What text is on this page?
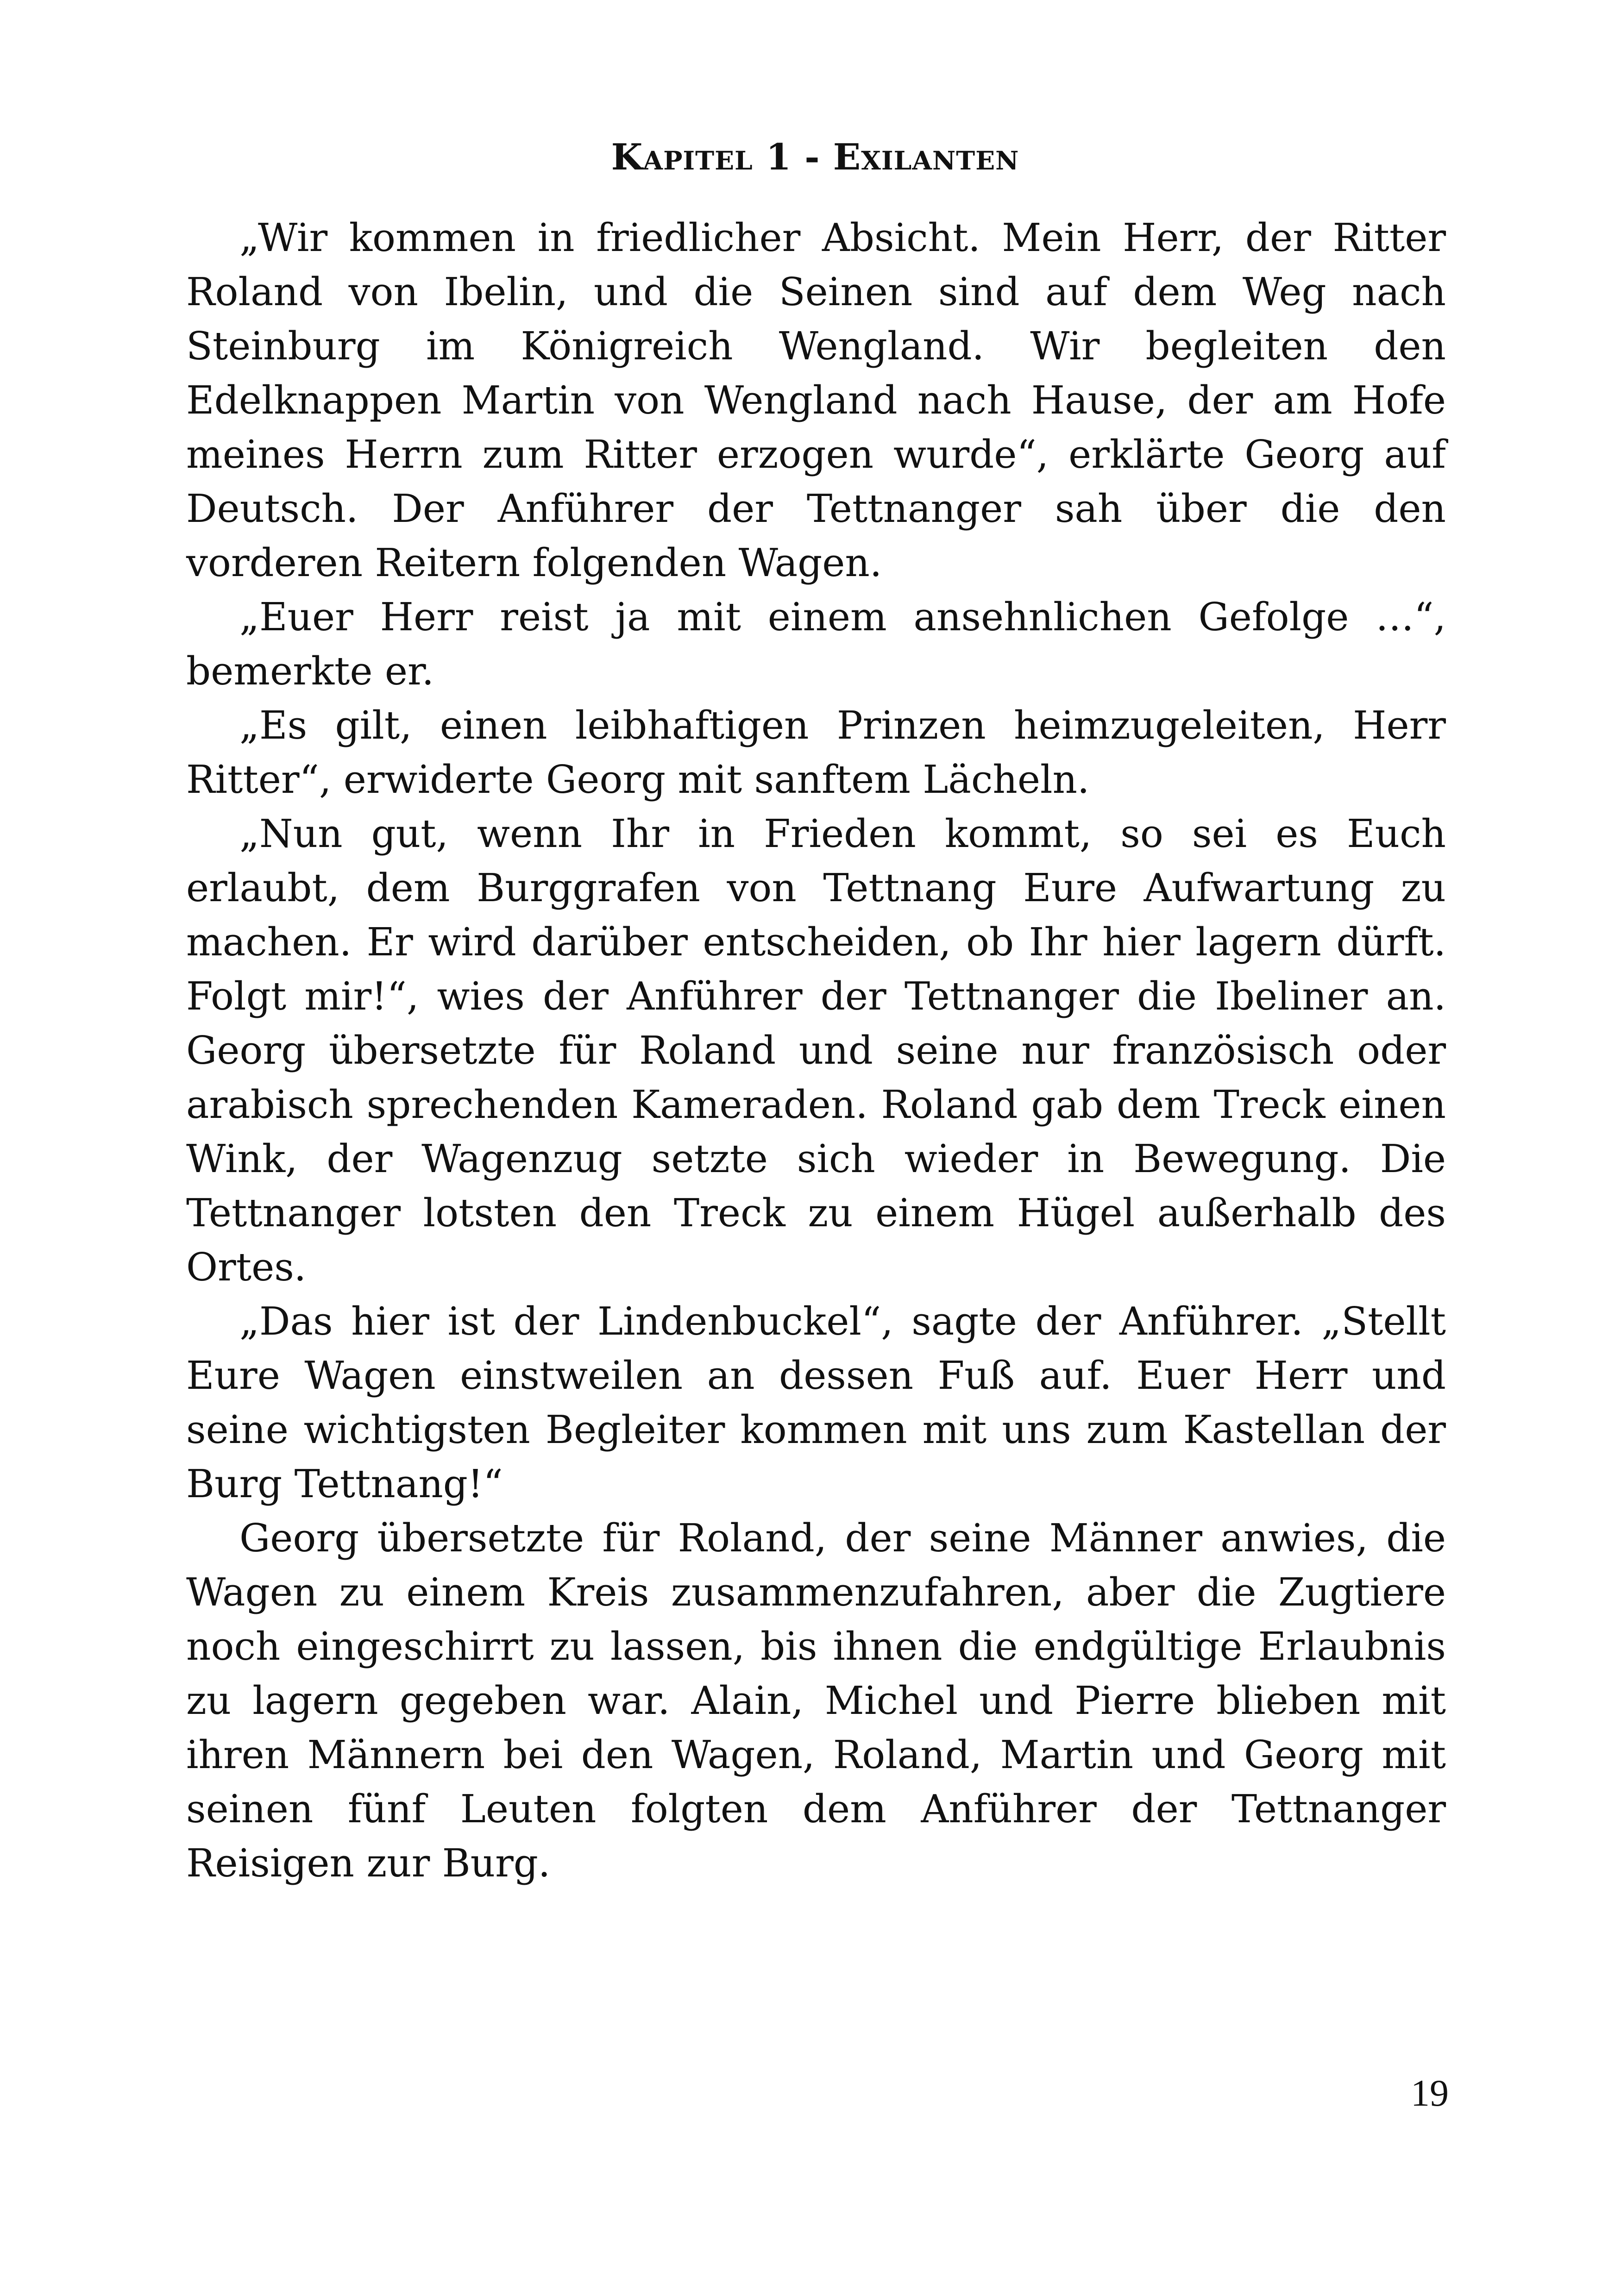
Kapitel 1 - Exilanten

„Wir kommen in friedlicher Absicht. Mein Herr, der Ritter Roland von Ibelin, und die Seinen sind auf dem Weg nach Steinburg im Königreich Wengland. Wir begleiten den Edelknappen Martin von Wengland nach Hause, der am Hofe meines Herrn zum Ritter erzogen wurde“, erklärte Georg auf Deutsch. Der Anführer der Tettnanger sah über die den vorderen Reitern folgenden Wagen.

„Euer Herr reist ja mit einem ansehnlichen Gefolge …“, bemerkte er.

„Es gilt, einen leibhaftigen Prinzen heimzugeleiten, Herr Ritter“, erwiderte Georg mit sanftem Lächeln.

„Nun gut, wenn Ihr in Frieden kommt, so sei es Euch erlaubt, dem Burggrafen von Tettnang Eure Aufwartung zu machen. Er wird darüber entscheiden, ob Ihr hier lagern dürft. Folgt mir!“, wies der Anführer der Tettnanger die Ibeliner an. Georg übersetzte für Roland und seine nur französisch oder arabisch sprechenden Kameraden. Roland gab dem Treck einen Wink, der Wagenzug setzte sich wieder in Bewegung. Die Tettnanger lotsten den Treck zu einem Hügel außerhalb des Ortes.

„Das hier ist der Lindenbuckel“, sagte der Anführer. „Stellt Eure Wagen einstweilen an dessen Fuß auf. Euer Herr und seine wichtigsten Begleiter kommen mit uns zum Kastellan der Burg Tettnang!“

Georg übersetzte für Roland, der seine Männer anwies, die Wagen zu einem Kreis zusammenzufahren, aber die Zugtiere noch eingeschirrt zu lassen, bis ihnen die endgültige Erlaubnis zu lagern gegeben war. Alain, Michel und Pierre blieben mit ihren Männern bei den Wagen, Roland, Martin und Georg mit seinen fünf Leuten folgten dem Anführer der Tettnanger Reisigen zur Burg.

19
